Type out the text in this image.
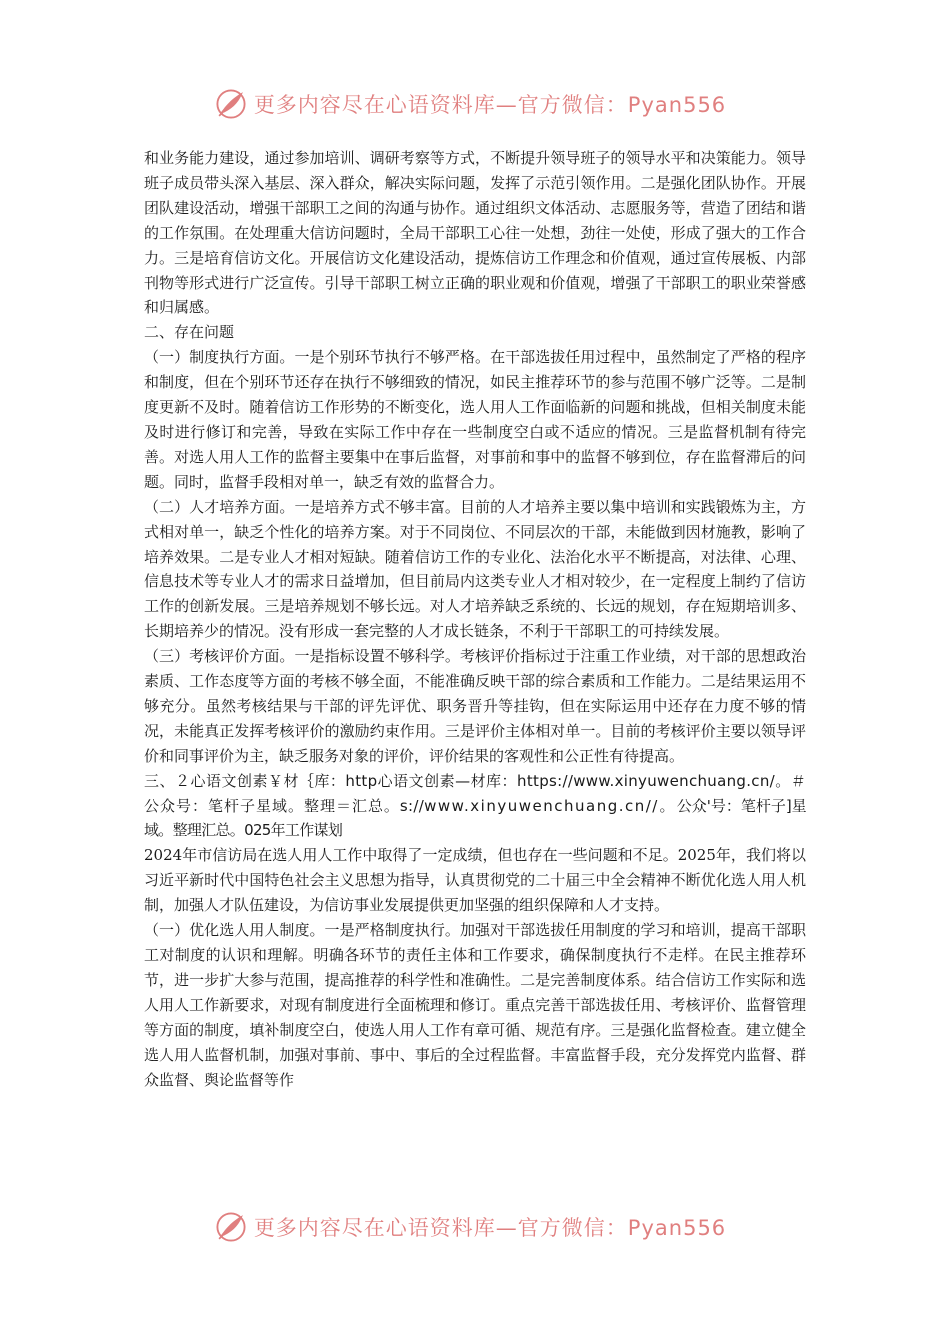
更多内容尽在心语资料库—官方微信：Pyan556

和业务能力建设，通过参加培训、调研考察等方式，不断提升领导班子的领导水平和决策能力。领导班子成员带头深入基层、深入群众，解决实际问题，发挥了示范引领作用。二是强化团队协作。开展团队建设活动，增强干部职工之间的沟通与协作。通过组织文体活动、志愿服务等，营造了团结和谐的工作氛围。在处理重大信访问题时，全局干部职工心往一处想，劲往一处使，形成了强大的工作合力。三是培育信访文化。开展信访文化建设活动，提炼信访工作理念和价值观，通过宣传展板、内部刊物等形式进行广泛宣传。引导干部职工树立正确的职业观和价值观，增强了干部职工的职业荣誉感和归属感。

二、存在问题

（一）制度执行方面。一是个别环节执行不够严格。在干部选拔任用过程中，虽然制定了严格的程序和制度，但在个别环节还存在执行不够细致的情况，如民主推荐环节的参与范围不够广泛等。二是制度更新不及时。随着信访工作形势的不断变化，选人用人工作面临新的问题和挑战，但相关制度未能及时进行修订和完善，导致在实际工作中存在一些制度空白或不适应的情况。三是监督机制有待完善。对选人用人工作的监督主要集中在事后监督，对事前和事中的监督不够到位，存在监督滞后的问题。同时，监督手段相对单一，缺乏有效的监督合力。

（二）人才培养方面。一是培养方式不够丰富。目前的人才培养主要以集中培训和实践锻炼为主，方式相对单一，缺乏个性化的培养方案。对于不同岗位、不同层次的干部，未能做到因材施教，影响了培养效果。二是专业人才相对短缺。随着信访工作的专业化、法治化水平不断提高，对法律、心理、信息技术等专业人才的需求日益增加，但目前局内这类专业人才相对较少，在一定程度上制约了信访工作的创新发展。三是培养规划不够长远。对人才培养缺乏系统的、长远的规划，存在短期培训多、长期培养少的情况。没有形成一套完整的人才成长链条，不利于干部职工的可持续发展。

（三）考核评价方面。一是指标设置不够科学。考核评价指标过于注重工作业绩，对干部的思想政治素质、工作态度等方面的考核不够全面，不能准确反映干部的综合素质和工作能力。二是结果运用不够充分。虽然考核结果与干部的评先评优、职务晋升等挂钩，但在实际运用中还存在力度不够的情况，未能真正发挥考核评价的激励约束作用。三是评价主体相对单一。目前的考核评价主要以领导评价和同事评价为主，缺乏服务对象的评价，评价结果的客观性和公正性有待提高。

三、２心语文创素￥材｛库：http心语文创素—材库：https://www.xinyuwenchuang.cn/。＃公众号：笔杆子星域。整理＝汇总。s://www.xinyuwenchuang.cn//。公众'号：笔杆子]星域。整理汇总。025年工作谋划

2024年市信访局在选人用人工作中取得了一定成绩，但也存在一些问题和不足。2025年，我们将以习近平新时代中国特色社会主义思想为指导，认真贯彻党的二十届三中全会精神不断优化选人用人机制，加强人才队伍建设，为信访事业发展提供更加坚强的组织保障和人才支持。

（一）优化选人用人制度。一是严格制度执行。加强对干部选拔任用制度的学习和培训，提高干部职工对制度的认识和理解。明确各环节的责任主体和工作要求，确保制度执行不走样。在民主推荐环节，进一步扩大参与范围，提高推荐的科学性和准确性。二是完善制度体系。结合信访工作实际和选人用人工作新要求，对现有制度进行全面梳理和修订。重点完善干部选拔任用、考核评价、监督管理等方面的制度，填补制度空白，使选人用人工作有章可循、规范有序。三是强化监督检查。建立健全选人用人监督机制，加强对事前、事中、事后的全过程监督。丰富监督手段，充分发挥党内监督、群众监督、舆论监督等作

更多内容尽在心语资料库—官方微信：Pyan556
